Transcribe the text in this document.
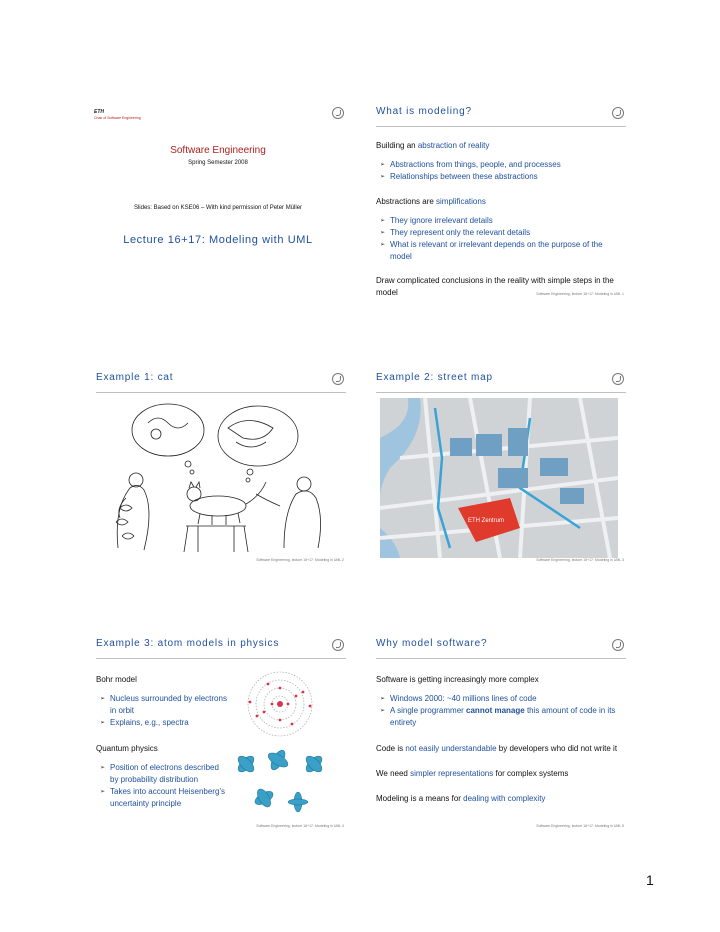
ETH
Chair of Software Engineering
Software Engineering
Spring Semester 2008
Slides: Based on KSE06 – With kind permission of Peter Müller
Lecture 16+17: Modeling with UML
What is modeling?

Building an abstraction of reality

➢ Abstractions from things, people, and processes
➢ Relationships between these abstractions

Abstractions are simplifications

➢ They ignore irrelevant details
➢ They represent only the relevant details
➢ What is relevant or irrelevant depends on the purpose of the model

Draw complicated conclusions in the reality with simple steps in the model	Software Engineering, lecture 16+17: Modeling in UML 1
Example 1: cat
Software Engineering, lecture 16+17: Modeling in UML 2
Example 2: street map
ETH Zentrum
Software Engineering, lecture 16+17: Modeling in UML 3
Example 3: atom models in physics

Bohr model

➢ Nucleus surrounded by electrons in orbit
➢ Explains, e.g., spectra

Quantum physics

➢ Position of electrons described by probability distribution
➢ Takes into account Heisenberg’s uncertainty principle
Software Engineering, lecture 16+17: Modeling in UML 4
Why model software?

Software is getting increasingly more complex

➢ Windows 2000: ~40 millions lines of code
➢ A single programmer cannot manage this amount of code in its entirety

Code is not easily understandable by developers who did not write it

We need simpler representations for complex systems

Modeling is a means for dealing with complexity

Software Engineering, lecture 16+17: Modeling in UML 5
1
